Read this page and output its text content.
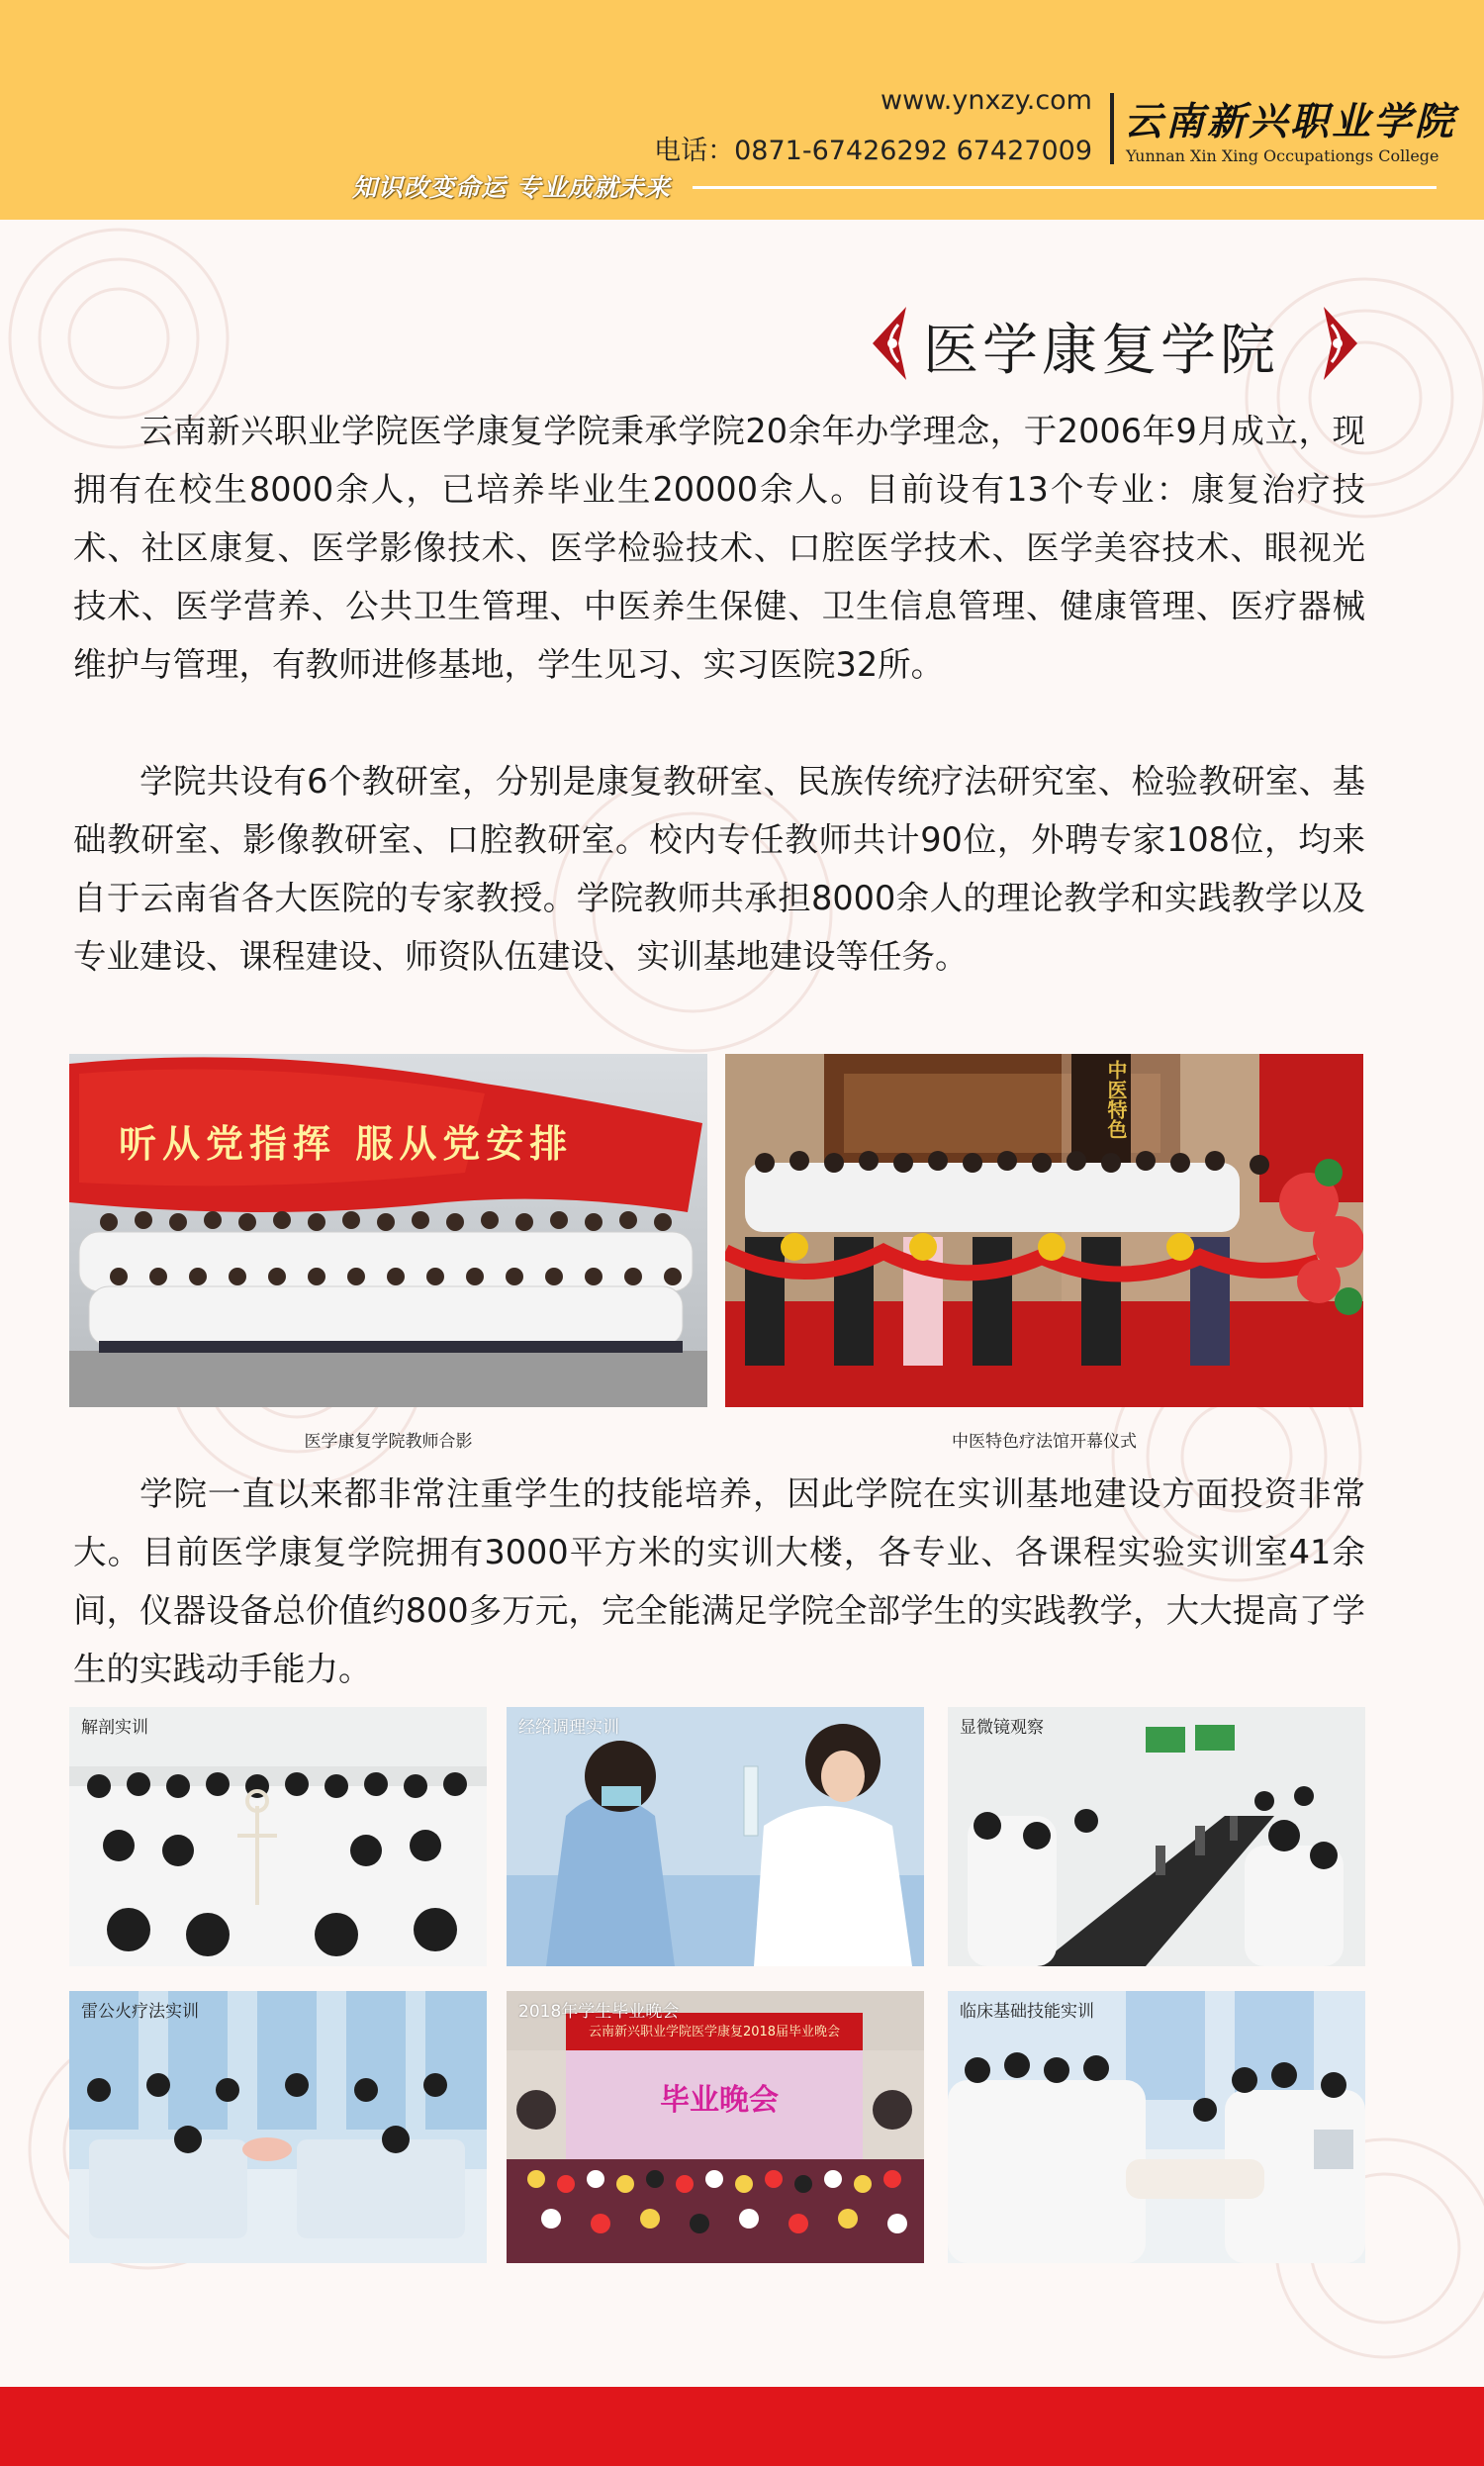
www.ynxzy.com
电话：0871-67426292 67427009
云南新兴职业学院
Yunnan Xin Xing Occupationgs College
知识改变命运 专业成就未来
医学康复学院

云南新兴职业学院医学康复学院秉承学院20余年办学理念，于2006年9月成立，现拥有在校生8000余人，已培养毕业生20000余人。目前设有13个专业：康复治疗技术、社区康复、医学影像技术、医学检验技术、口腔医学技术、医学美容技术、眼视光技术、医学营养、公共卫生管理、中医养生保健、卫生信息管理、健康管理、医疗器械维护与管理，有教师进修基地，学生见习、实习医院32所。

学院共设有6个教研室，分别是康复教研室、民族传统疗法研究室、检验教研室、基础教研室、影像教研室、口腔教研室。校内专任教师共计90位，外聘专家108位，均来自于云南省各大医院的专家教授。学院教师共承担8000余人的理论教学和实践教学以及专业建设、课程建设、师资队伍建设、实训基地建设等任务。

听从党指挥 服从党安排
医学康复学院教师合影
中医特色
中医特色疗法馆开幕仪式

学院一直以来都非常注重学生的技能培养，因此学院在实训基地建设方面投资非常大。目前医学康复学院拥有3000平方米的实训大楼，各专业、各课程实验实训室41余间，仪器设备总价值约800多万元，完全能满足学院全部学生的实践教学，大大提高了学生的实践动手能力。

解剖实训	经络调理实训	显微镜观察
雷公火疗法实训
云南新兴职业学院医学康复2018届毕业晚会
毕业晚会
2018年学生毕业晚会	临床基础技能实训
